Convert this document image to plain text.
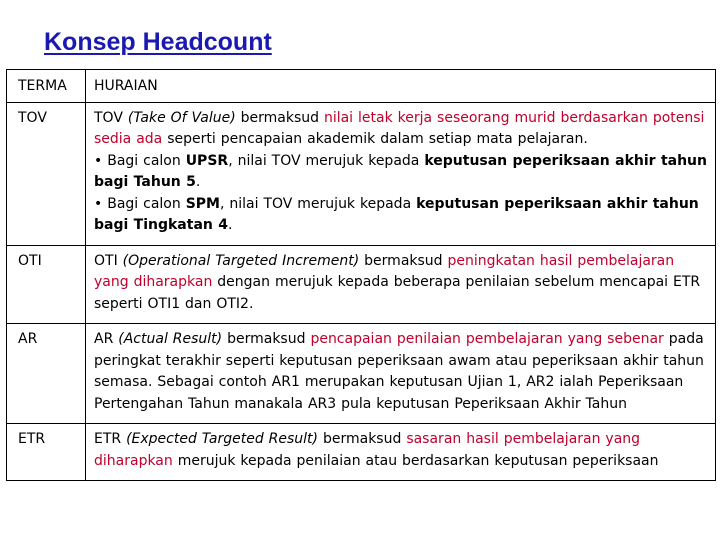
Konsep Headcount
TERMA	HURAIAN
TOV	TOV (Take Of Value) bermaksud nilai letak kerja seseorang murid berdasarkan potensi sedia ada seperti pencapaian akademik dalam setiap mata pelajaran.
• Bagi calon UPSR, nilai TOV merujuk kepada keputusan peperiksaan akhir tahun bagi Tahun 5.
• Bagi calon SPM, nilai TOV merujuk kepada keputusan peperiksaan akhir tahun bagi Tingkatan 4.

OTI	OTI (Operational Targeted Increment) bermaksud peningkatan hasil pembelajaran yang diharapkan dengan merujuk kepada beberapa penilaian sebelum mencapai ETR seperti OTI1 dan OTI2.
AR	AR (Actual Result) bermaksud pencapaian penilaian pembelajaran yang sebenar pada peringkat terakhir seperti keputusan peperiksaan awam atau peperiksaan akhir tahun semasa. Sebagai contoh AR1 merupakan keputusan Ujian 1, AR2 ialah Peperiksaan Pertengahan Tahun manakala AR3 pula keputusan Peperiksaan Akhir Tahun
ETR	ETR (Expected Targeted Result) bermaksud sasaran hasil pembelajaran yang diharapkan merujuk kepada penilaian atau berdasarkan keputusan peperiksaan
